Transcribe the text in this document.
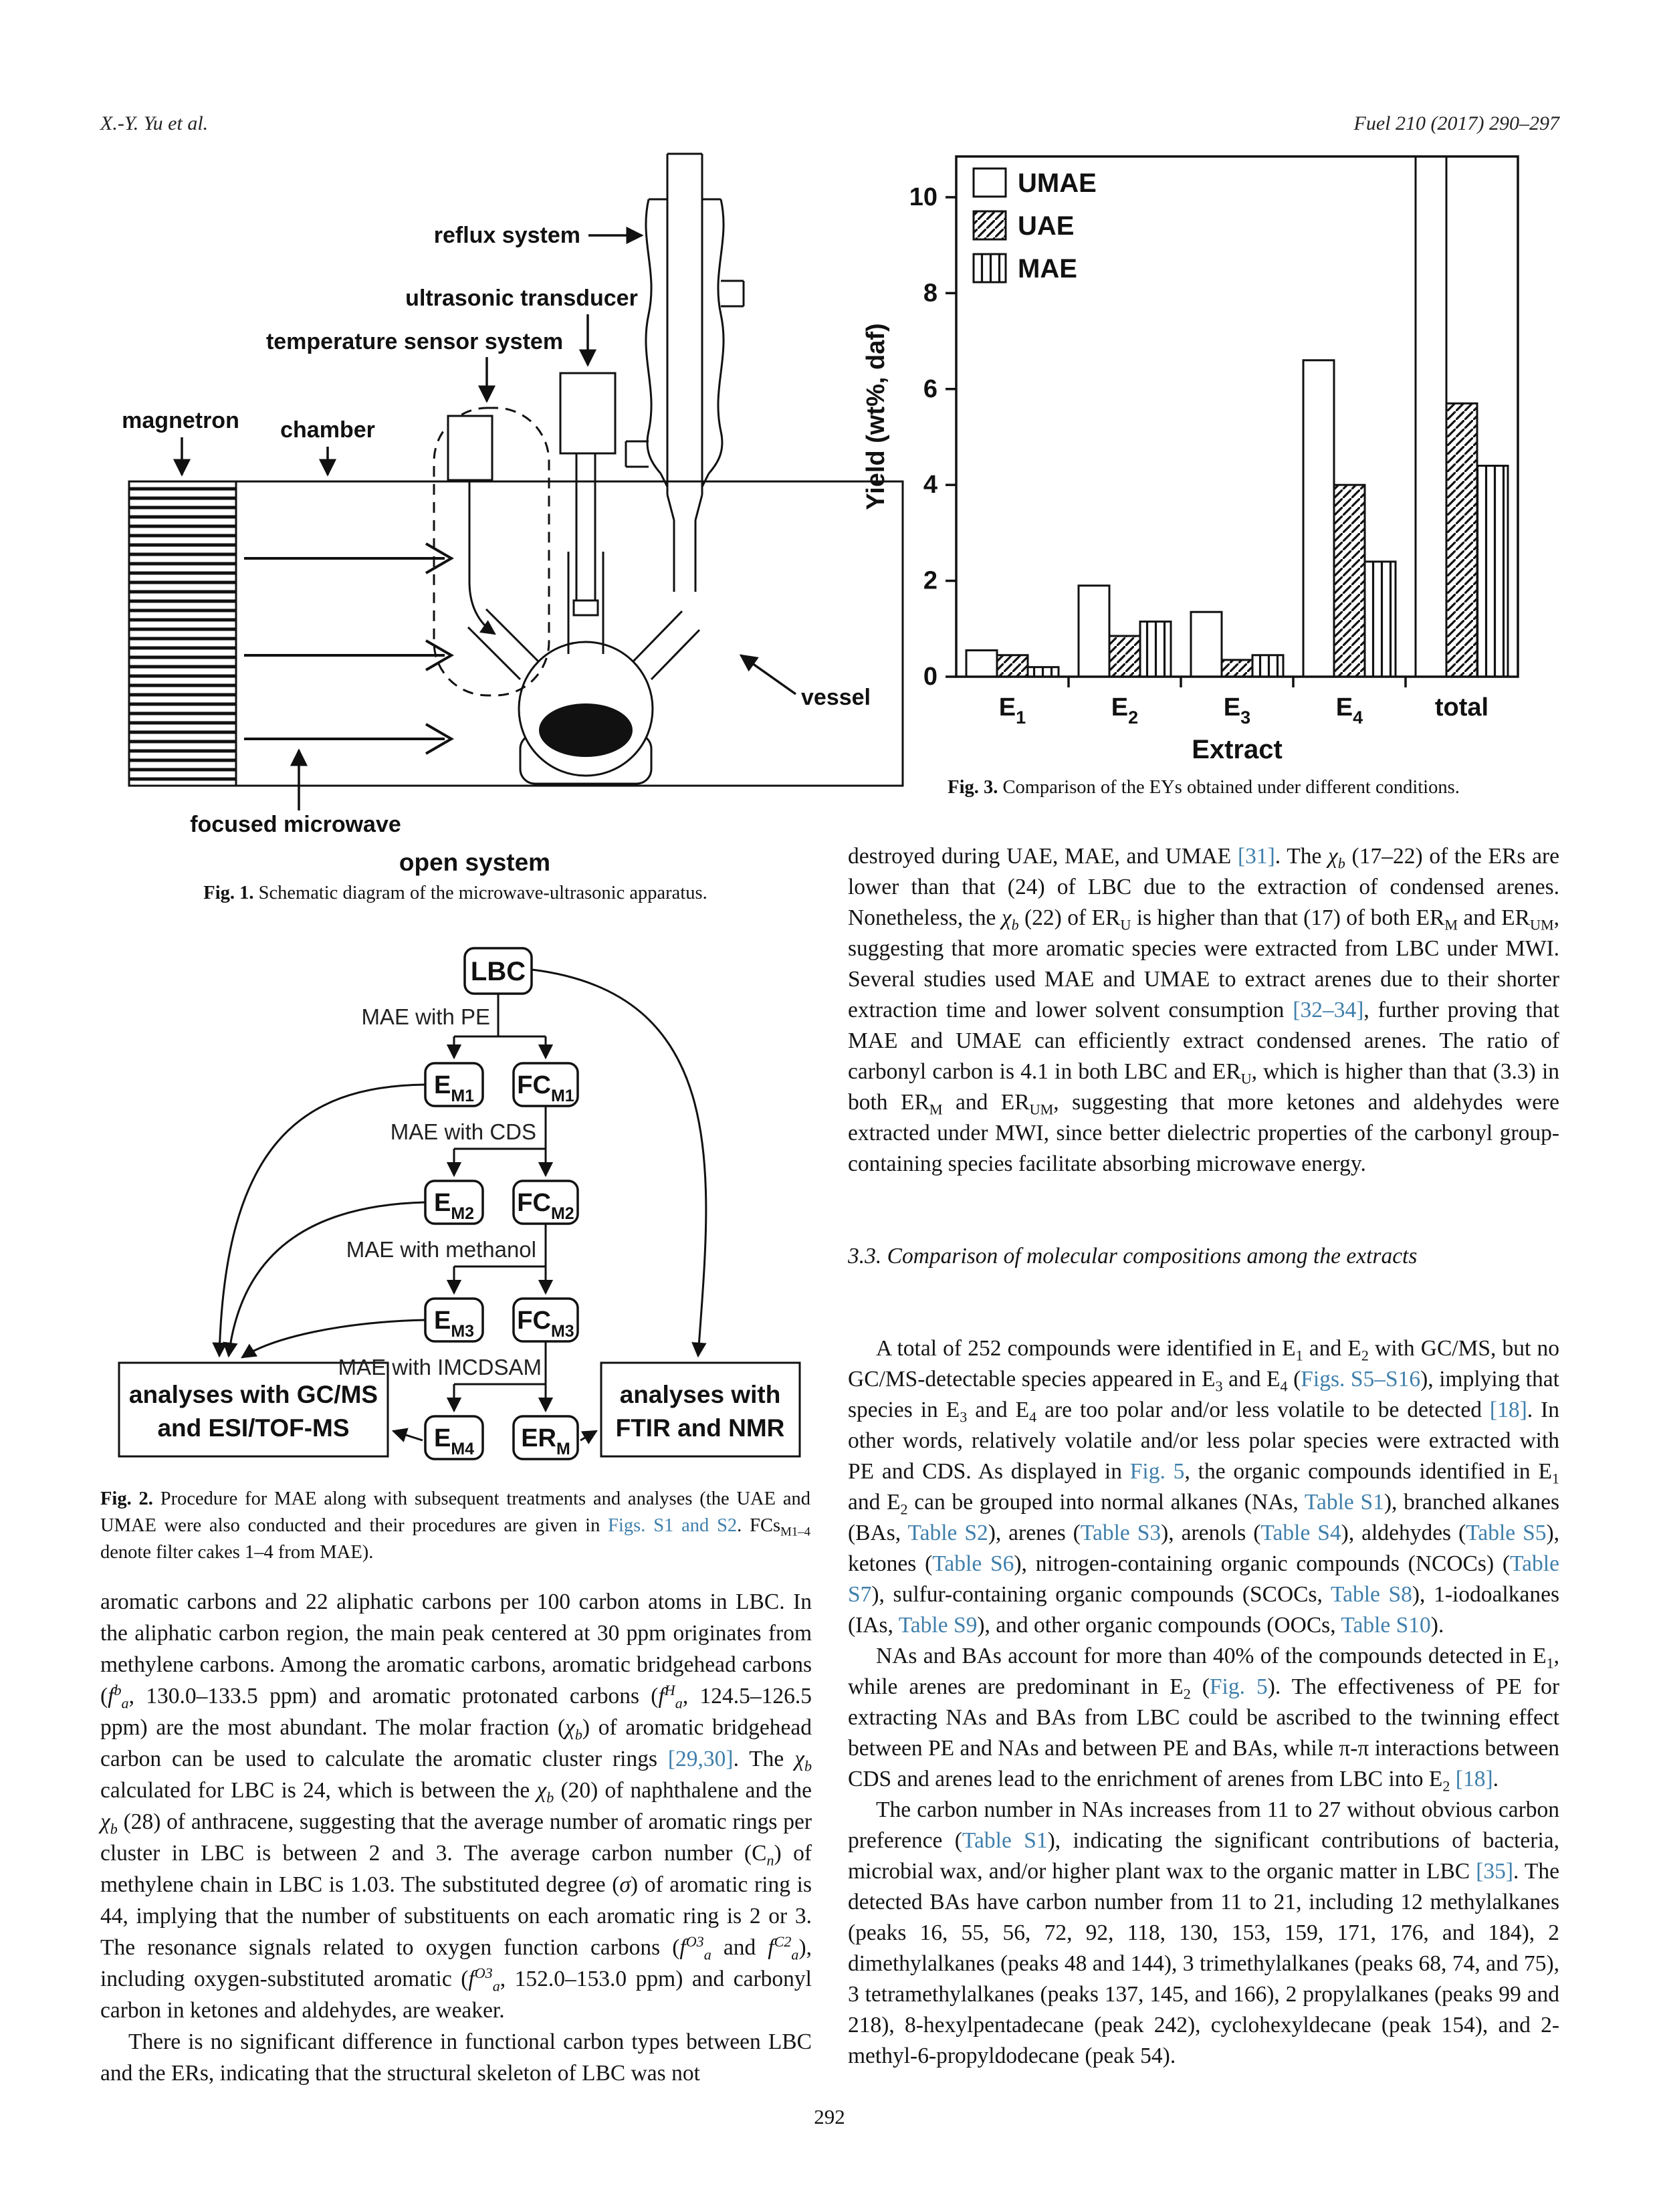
X.-Y. Yu et al.	Fuel 210 (2017) 290–297
reflux system
ultrasonic transducer
temperature sensor system
magnetron chamber
vessel
focused microwave
open system
Fig. 1. Schematic diagram of the microwave-ultrasonic apparatus.
LBC
$E_{M1}$ $FC_{M1}$
$E_{M2}$ $FC_{M2}$
$E_{M3}$ $FC_{M3}$
$E_{M4}$ $ER_M$
MAE with PE
MAE with CDS
MAE with methanol
MAE with IMCDSAM
analyses with GC/MS
and ESI/TOF-MS
analyses with
FTIR and NMR
Fig. 2. Procedure for MAE along with subsequent treatments and analyses (the UAE and UMAE were also conducted and their procedures are given in Figs. S1 and S2. FCs$_{M1-4}$ denote filter cakes 1–4 from MAE).

aromatic carbons and 22 aliphatic carbons per 100 carbon atoms in LBC. In the aliphatic carbon region, the main peak centered at 30 ppm originates from methylene carbons. Among the aromatic carbons, aromatic bridgehead carbons ($f^b_a$, 130.0–133.5 ppm) and aromatic protonated carbons ($f^H_a$, 124.5–126.5 ppm) are the most abundant. The molar fraction $(\chi_b)$ of aromatic bridgehead carbon can be used to calculate the aromatic cluster rings [29,30]. The $\chi_b$ calculated for LBC is 24, which is between the $\chi_b$ (20) of naphthalene and the $\chi_b$ (28) of anthracene, suggesting that the average number of aromatic rings per cluster in LBC is between 2 and 3. The average carbon number $(C_n)$ of methylene chain in LBC is 1.03. The substituted degree (σ) of aromatic ring is 44, implying that the number of substituents on each aromatic ring is 2 or 3. The resonance signals related to oxygen function carbons ($f^{O3}_a$ and $f^{C2}_a$), including oxygen-substituted aromatic ($f^{O3}_a$, 152.0–153.0 ppm) and carbonyl carbon in ketones and aldehydes, are weaker.

There is no significant difference in functional carbon types between LBC and the ERs, indicating that the structural skeleton of LBC was not

0
2
4
6
8
10
$E_1$	$E_2$	$E_3$	$E_4$	total
Extract
Yield (wt%, daf)
UMAE
UAE
MAE
Fig. 3. Comparison of the EYs obtained under different conditions.

destroyed during UAE, MAE, and UMAE [31]. The $\chi_b$ (17–22) of the ERs are lower than that (24) of LBC due to the extraction of condensed arenes. Nonetheless, the $\chi_b$ (22) of $ER_U$ is higher than that (17) of both $ER_M$ and $ER_{UM}$, suggesting that more aromatic species were extracted from LBC under MWI. Several studies used MAE and UMAE to extract arenes due to their shorter extraction time and lower solvent consumption [32–34], further proving that MAE and UMAE can efficiently extract condensed arenes. The ratio of carbonyl carbon is 4.1 in both LBC and $ER_U$, which is higher than that (3.3) in both $ER_M$ and $ER_{UM}$, suggesting that more ketones and aldehydes were extracted under MWI, since better dielectric properties of the carbonyl group-containing species facilitate absorbing microwave energy.

3.3. Comparison of molecular compositions among the extracts

A total of 252 compounds were identified in $E_1$ and $E_2$ with GC/MS, but no GC/MS-detectable species appeared in $E_3$ and $E_4$ (Figs. S5–S16), implying that species in $E_3$ and $E_4$ are too polar and/or less volatile to be detected [18]. In other words, relatively volatile and/or less polar species were extracted with PE and CDS. As displayed in Fig. 5, the organic compounds identified in $E_1$ and $E_2$ can be grouped into normal alkanes (NAs, Table S1), branched alkanes (BAs, Table S2), arenes (Table S3), arenols (Table S4), aldehydes (Table S5), ketones (Table S6), nitrogen-containing organic compounds (NCOCs) (Table S7), sulfur-containing organic compounds (SCOCs, Table S8), 1-iodoalkanes (IAs, Table S9), and other organic compounds (OOCs, Table S10).

NAs and BAs account for more than 40% of the compounds detected in $E_1$, while arenes are predominant in $E_2$ (Fig. 5). The effectiveness of PE for extracting NAs and BAs from LBC could be ascribed to the twinning effect between PE and NAs and between PE and BAs, while π-π interactions between CDS and arenes lead to the enrichment of arenes from LBC into $E_2$ [18].

The carbon number in NAs increases from 11 to 27 without obvious carbon preference (Table S1), indicating the significant contributions of bacteria, microbial wax, and/or higher plant wax to the organic matter in LBC [35]. The detected BAs have carbon number from 11 to 21, including 12 methylalkanes (peaks 16, 55, 56, 72, 92, 118, 130, 153, 159, 171, 176, and 184), 2 dimethylalkanes (peaks 48 and 144), 3 trimethylalkanes (peaks 68, 74, and 75), 3 tetramethylalkanes (peaks 137, 145, and 166), 2 propylalkanes (peaks 99 and 218), 8-hexylpentadecane (peak 242), cyclohexyldecane (peak 154), and 2-methyl-6-propyldodecane (peak 54).

292
